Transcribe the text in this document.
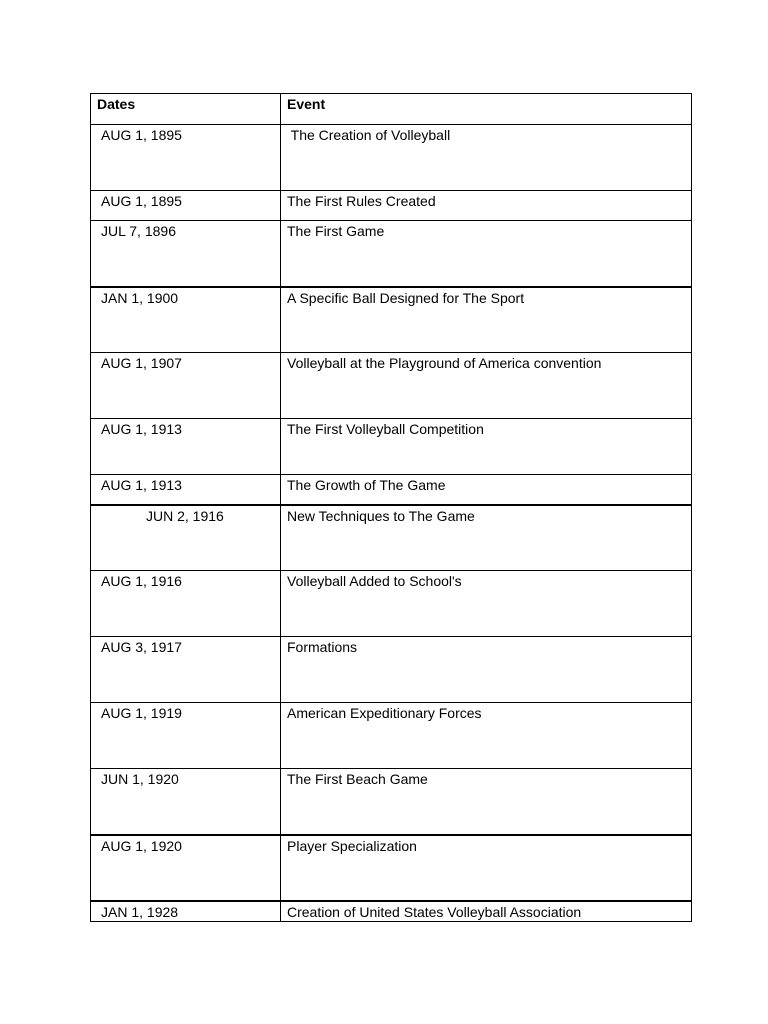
Dates	Event
AUG 1, 1895	The Creation of Volleyball
AUG 1, 1895	The First Rules Created
JUL 7, 1896	The First Game
JAN 1, 1900	A Specific Ball Designed for The Sport
AUG 1, 1907	Volleyball at the Playground of America convention
AUG 1, 1913	The First Volleyball Competition
AUG 1, 1913	The Growth of The Game
JUN 2, 1916	New Techniques to The Game
AUG 1, 1916	Volleyball Added to School's
AUG 3, 1917	Formations
AUG 1, 1919	American Expeditionary Forces
JUN 1, 1920	The First Beach Game
AUG 1, 1920	Player Specialization
JAN 1, 1928	Creation of United States Volleyball Association
